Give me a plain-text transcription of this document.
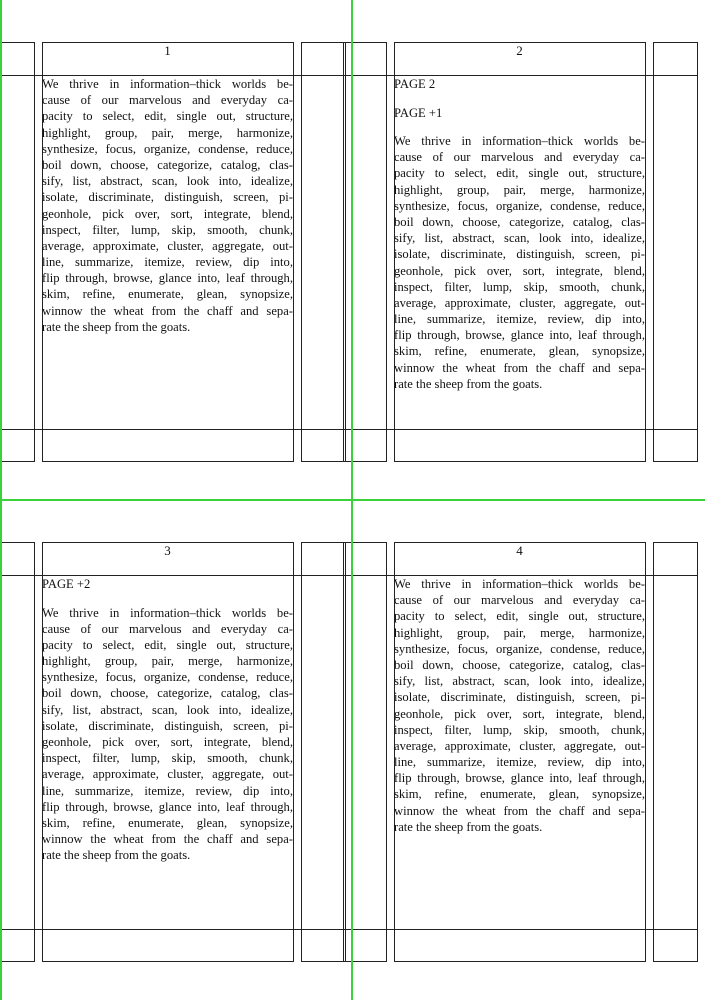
1
We thrive in information–thick worlds be-
cause of our marvelous and everyday ca-
pacity to select, edit, single out, structure,
highlight, group, pair, merge, harmonize,
synthesize, focus, organize, condense, reduce,
boil down, choose, categorize, catalog, clas-
sify, list, abstract, scan, look into, idealize,
isolate, discriminate, distinguish, screen, pi-
geonhole, pick over, sort, integrate, blend,
inspect, filter, lump, skip, smooth, chunk,
average, approximate, cluster, aggregate, out-
line, summarize, itemize, review, dip into,
flip through, browse, glance into, leaf through,
skim, refine, enumerate, glean, synopsize,
winnow the wheat from the chaff and sepa-
rate the sheep from the goats.
2
PAGE 2
PAGE +1
We thrive in information–thick worlds be-
cause of our marvelous and everyday ca-
pacity to select, edit, single out, structure,
highlight, group, pair, merge, harmonize,
synthesize, focus, organize, condense, reduce,
boil down, choose, categorize, catalog, clas-
sify, list, abstract, scan, look into, idealize,
isolate, discriminate, distinguish, screen, pi-
geonhole, pick over, sort, integrate, blend,
inspect, filter, lump, skip, smooth, chunk,
average, approximate, cluster, aggregate, out-
line, summarize, itemize, review, dip into,
flip through, browse, glance into, leaf through,
skim, refine, enumerate, glean, synopsize,
winnow the wheat from the chaff and sepa-
rate the sheep from the goats.
3
PAGE +2
We thrive in information–thick worlds be-
cause of our marvelous and everyday ca-
pacity to select, edit, single out, structure,
highlight, group, pair, merge, harmonize,
synthesize, focus, organize, condense, reduce,
boil down, choose, categorize, catalog, clas-
sify, list, abstract, scan, look into, idealize,
isolate, discriminate, distinguish, screen, pi-
geonhole, pick over, sort, integrate, blend,
inspect, filter, lump, skip, smooth, chunk,
average, approximate, cluster, aggregate, out-
line, summarize, itemize, review, dip into,
flip through, browse, glance into, leaf through,
skim, refine, enumerate, glean, synopsize,
winnow the wheat from the chaff and sepa-
rate the sheep from the goats.
4
We thrive in information–thick worlds be-
cause of our marvelous and everyday ca-
pacity to select, edit, single out, structure,
highlight, group, pair, merge, harmonize,
synthesize, focus, organize, condense, reduce,
boil down, choose, categorize, catalog, clas-
sify, list, abstract, scan, look into, idealize,
isolate, discriminate, distinguish, screen, pi-
geonhole, pick over, sort, integrate, blend,
inspect, filter, lump, skip, smooth, chunk,
average, approximate, cluster, aggregate, out-
line, summarize, itemize, review, dip into,
flip through, browse, glance into, leaf through,
skim, refine, enumerate, glean, synopsize,
winnow the wheat from the chaff and sepa-
rate the sheep from the goats.
